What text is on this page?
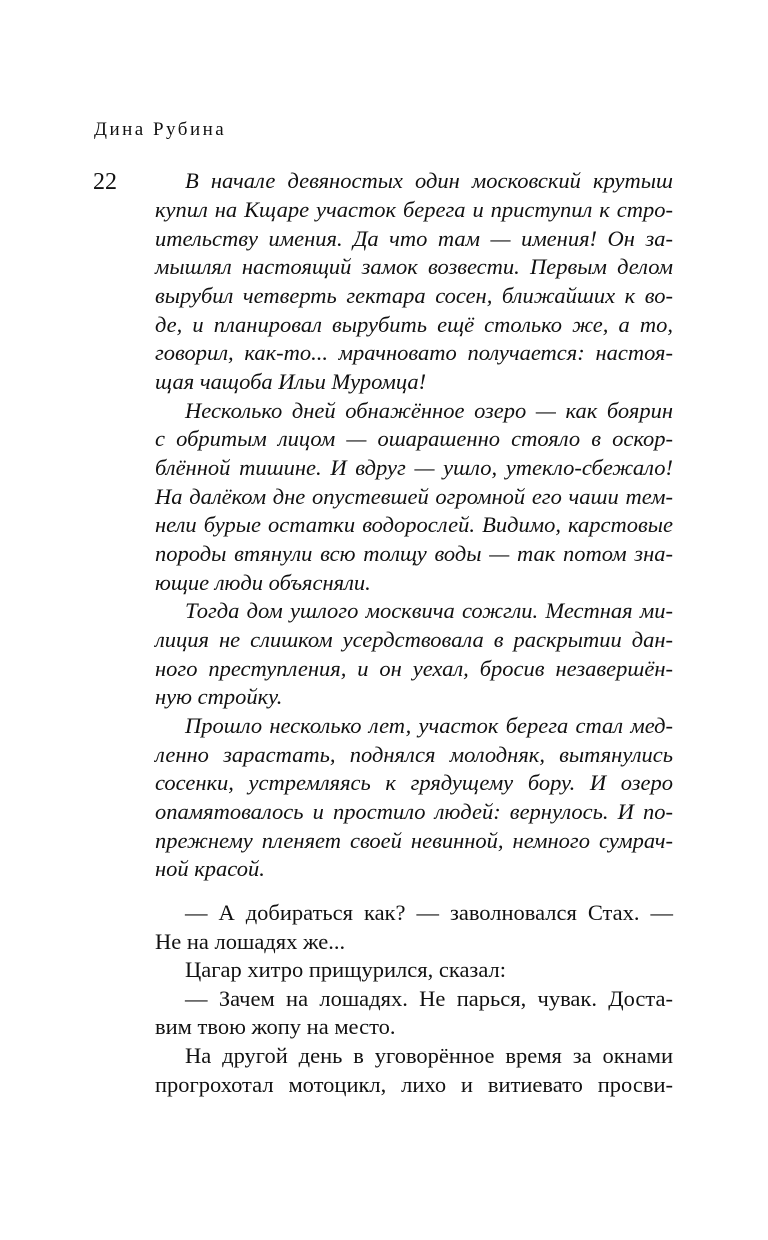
Дина Рубина
22	В начале девяностых один московский крутыш
купил на Кщаре участок берега и приступил к стро-
ительству имения. Да что там — имения! Он за-
мышлял настоящий замок возвести. Первым делом
вырубил четверть гектара сосен, ближайших к во-
де, и планировал вырубить ещё столько же, а то,
говорил, как-то... мрачновато получается: настоя-
щая чащоба Ильи Муромца!
Несколько дней обнажённое озеро — как боярин
с обритым лицом — ошарашенно стояло в оскор-
блённой тишине. И вдруг — ушло, утекло-сбежало!
На далёком дне опустевшей огромной его чаши тем-
нели бурые остатки водорослей. Видимо, карстовые
породы втянули всю толщу воды — так потом зна-
ющие люди объясняли.
Тогда дом ушлого москвича сожгли. Местная ми-
лиция не слишком усердствовала в раскрытии дан-
ного преступления, и он уехал, бросив незавершён-
ную стройку.
Прошло несколько лет, участок берега стал мед-
ленно зарастать, поднялся молодняк, вытянулись
сосенки, устремляясь к грядущему бору. И озеро
опамятовалось и простило людей: вернулось. И по-
прежнему пленяет своей невинной, немного сумрач-
ной красой.
— А добираться как? — заволновался Стах. —
Не на лошадях же...
Цагар хитро прищурился, сказал:
— Зачем на лошадях. Не парься, чувак. Доста-
вим твою жопу на место.
На другой день в уговорённое время за окнами
прогрохотал мотоцикл, лихо и витиевато просви-
